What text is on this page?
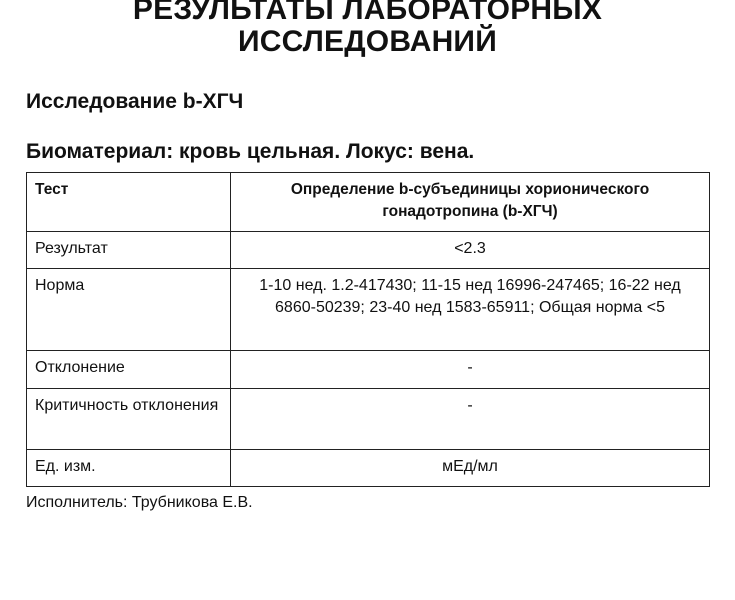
РЕЗУЛЬТАТЫ ЛАБОРАТОРНЫХ
ИССЛЕДОВАНИЙ
Исследование b-ХГЧ
Биоматериал: кровь цельная. Локус: вена.
Тест	Определение b-субъединицы хорионического гонадотропина (b-ХГЧ)
Результат	<2.3
Норма	1-10 нед. 1.2-417430; 11-15 нед 16996-247465; 16-22 нед 6860-50239; 23-40 нед 1583-65911; Общая норма <5
Отклонение	-
Критичность отклонения	-
Ед. изм.	мЕд/мл
Исполнитель: Трубникова Е.В.
